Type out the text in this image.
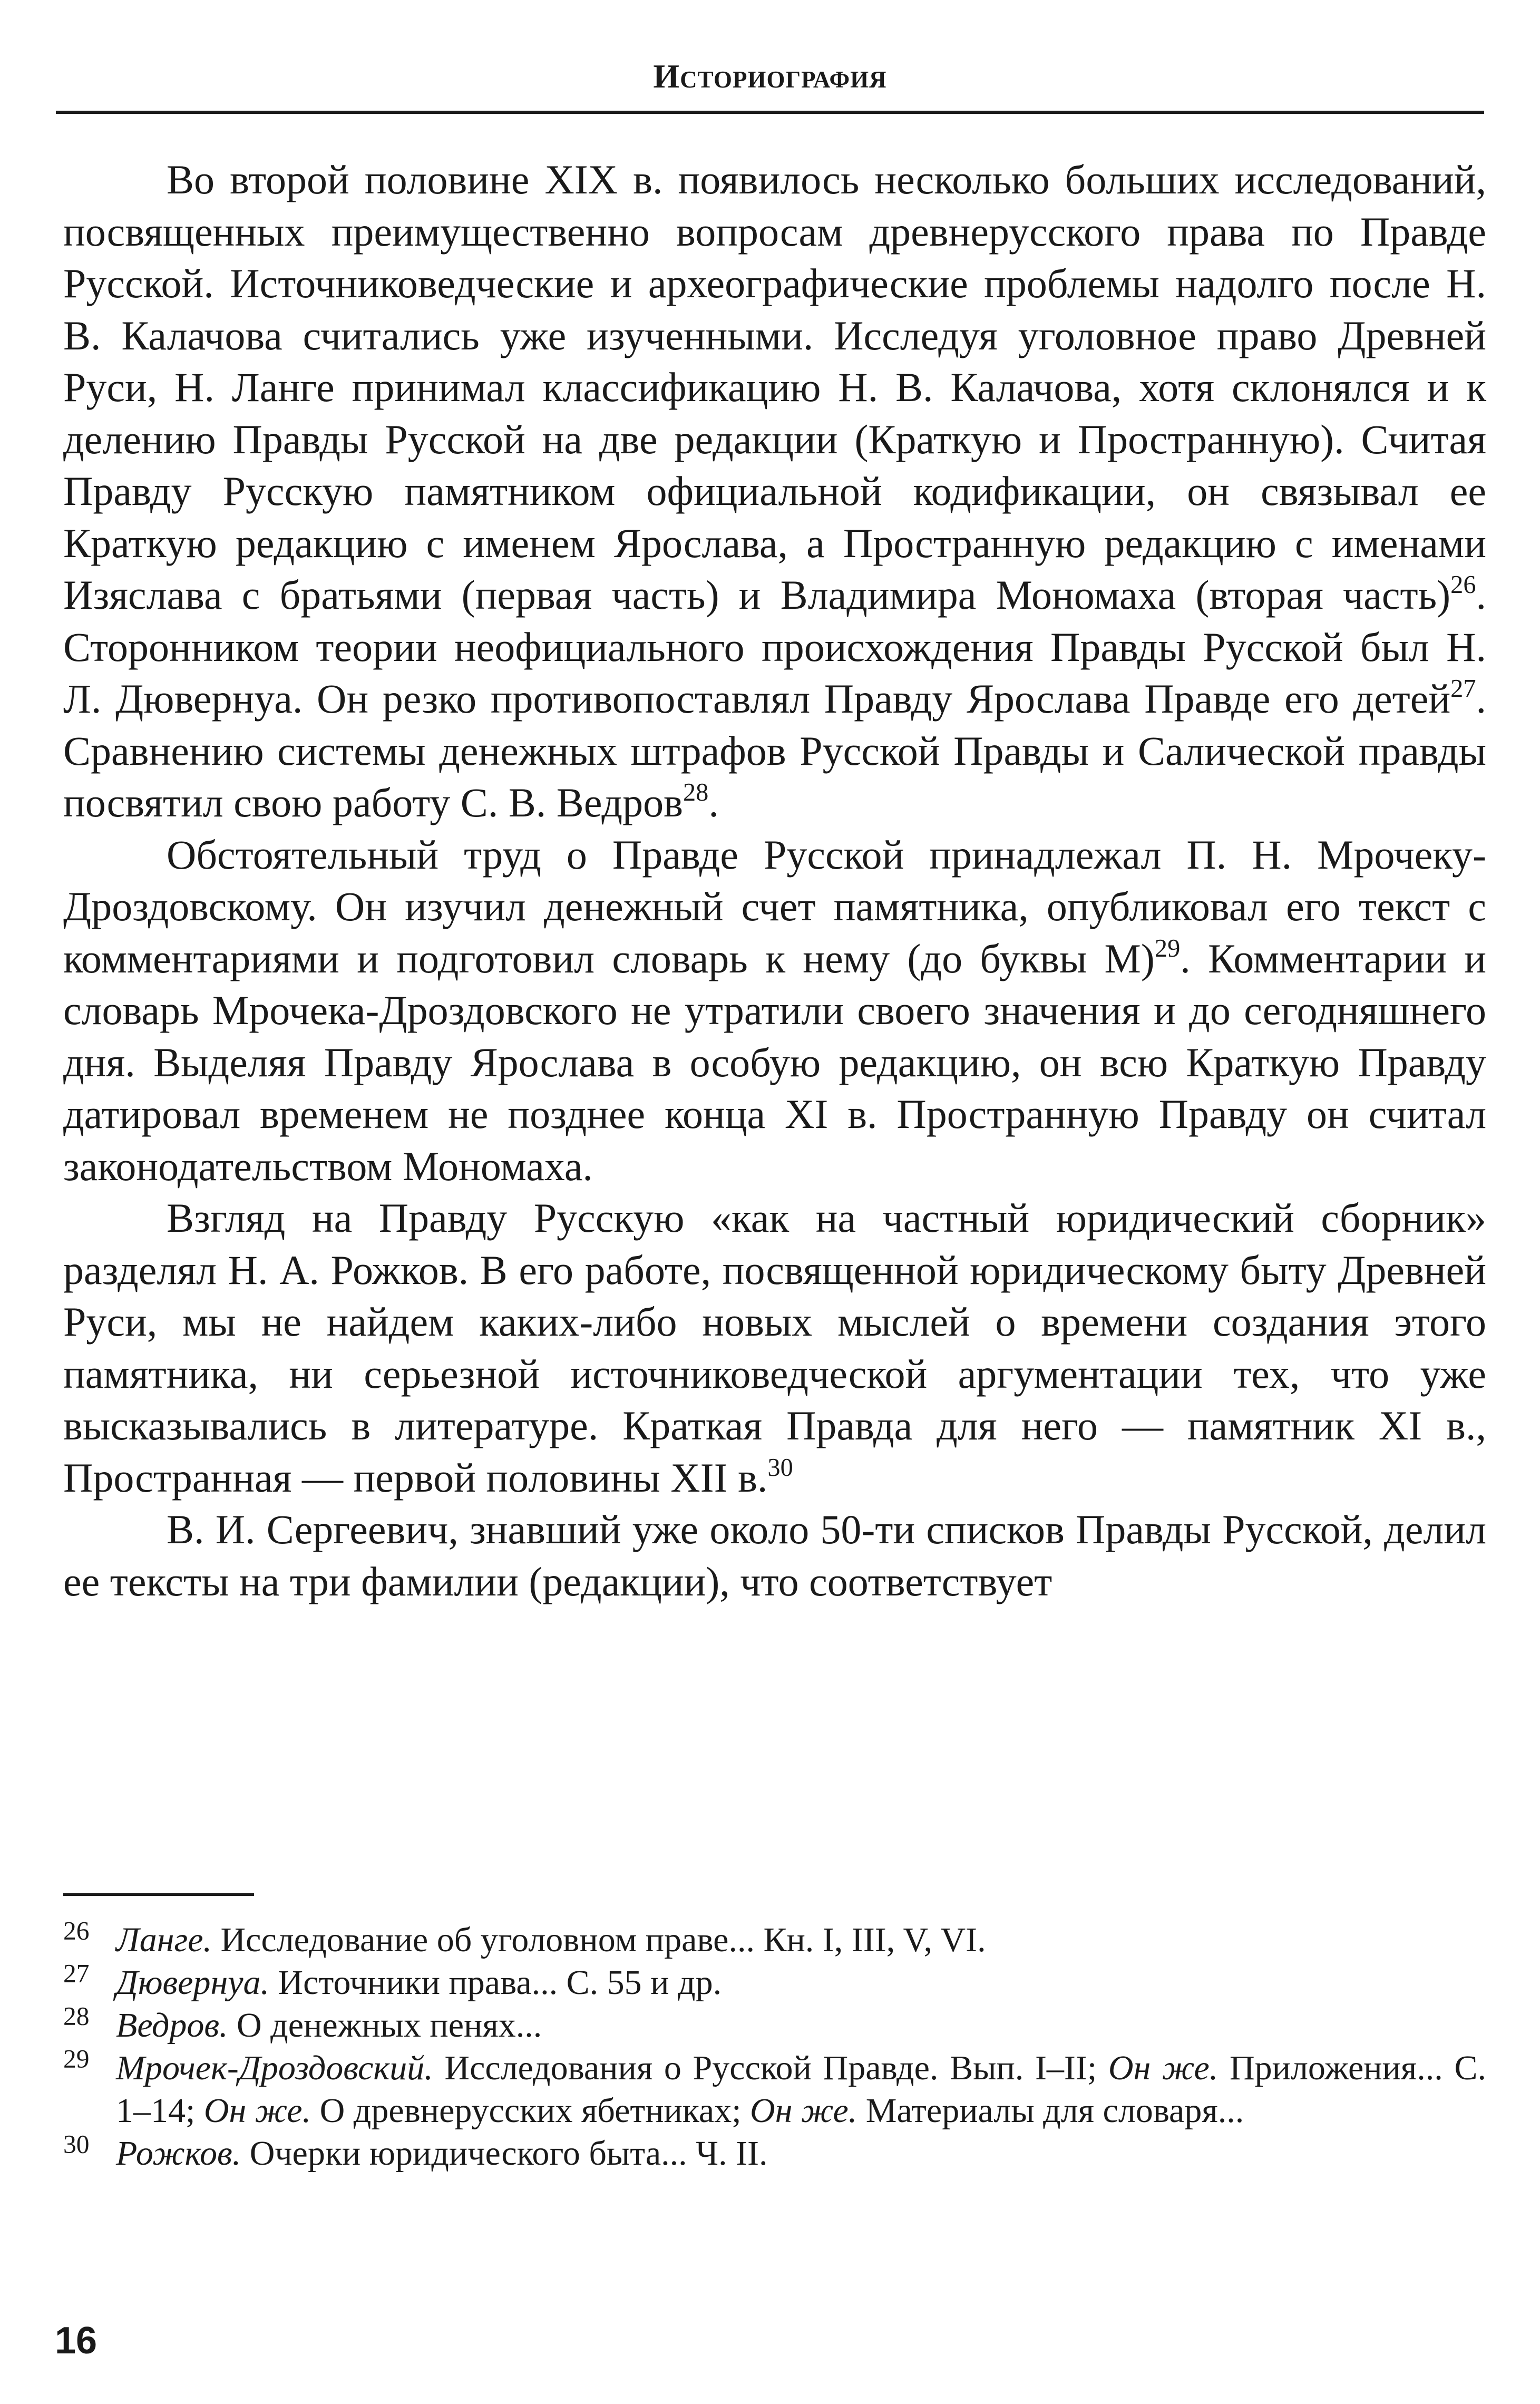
Историография

Во второй половине XIX в. появилось несколько больших исследований, посвященных преимущественно вопросам древнерусского права по Правде Русской. Источниковедческие и археографические проблемы надолго после Н. В. Калачова считались уже изученными. Исследуя уголовное право Древней Руси, Н. Ланге принимал классификацию Н. В. Калачова, хотя склонялся и к делению Правды Русской на две редакции (Краткую и Пространную). Считая Правду Русскую памятником официальной кодификации, он связывал ее Краткую редакцию с именем Ярослава, а Пространную редакцию с именами Изяслава с братьями (первая часть) и Владимира Мономаха (вторая часть)$^{26}$. Сторонником теории неофициального происхождения Правды Русской был Н. Л. Дювернуа. Он резко противопоставлял Правду Ярослава Правде его детей$^{27}$. Сравнению системы денежных штрафов Русской Правды и Салической правды посвятил свою работу С. В. Ведров$^{28}$.

Обстоятельный труд о Правде Русской принадлежал П. Н. Мрочеку-Дроздовскому. Он изучил денежный счет памятника, опубликовал его текст с комментариями и подготовил словарь к нему (до буквы М)$^{29}$. Комментарии и словарь Мрочека-Дроздовского не утратили своего значения и до сегодняшнего дня. Выделяя Правду Ярослава в особую редакцию, он всю Краткую Правду датировал временем не позднее конца XI в. Пространную Правду он считал законодательством Мономаха.

Взгляд на Правду Русскую «как на частный юридический сборник» разделял Н. А. Рожков. В его работе, посвященной юридическому быту Древней Руси, мы не найдем каких-либо новых мыслей о времени создания этого памятника, ни серьезной источниковедческой аргументации тех, что уже высказывались в литературе. Краткая Правда для него — памятник XI в., Пространная — первой половины XII в.$^{30}$

В. И. Сергеевич, знавший уже около 50-ти списков Правды Русской, делил ее тексты на три фамилии (редакции), что соответствует

$^{26}$ Ланге. Исследование об уголовном праве... Кн. I, III, V, VI.

$^{27}$ Дювернуа. Источники права... С. 55 и др.

$^{28}$ Ведров. О денежных пенях...

$^{29}$ Мрочек-Дроздовский. Исследования о Русской Правде. Вып. I–II; Он же. Приложения... С. 1–14; Он же. О древнерусских ябетниках; Он же. Материалы для словаря...

$^{30}$ Рожков. Очерки юридического быта... Ч. II.

16
